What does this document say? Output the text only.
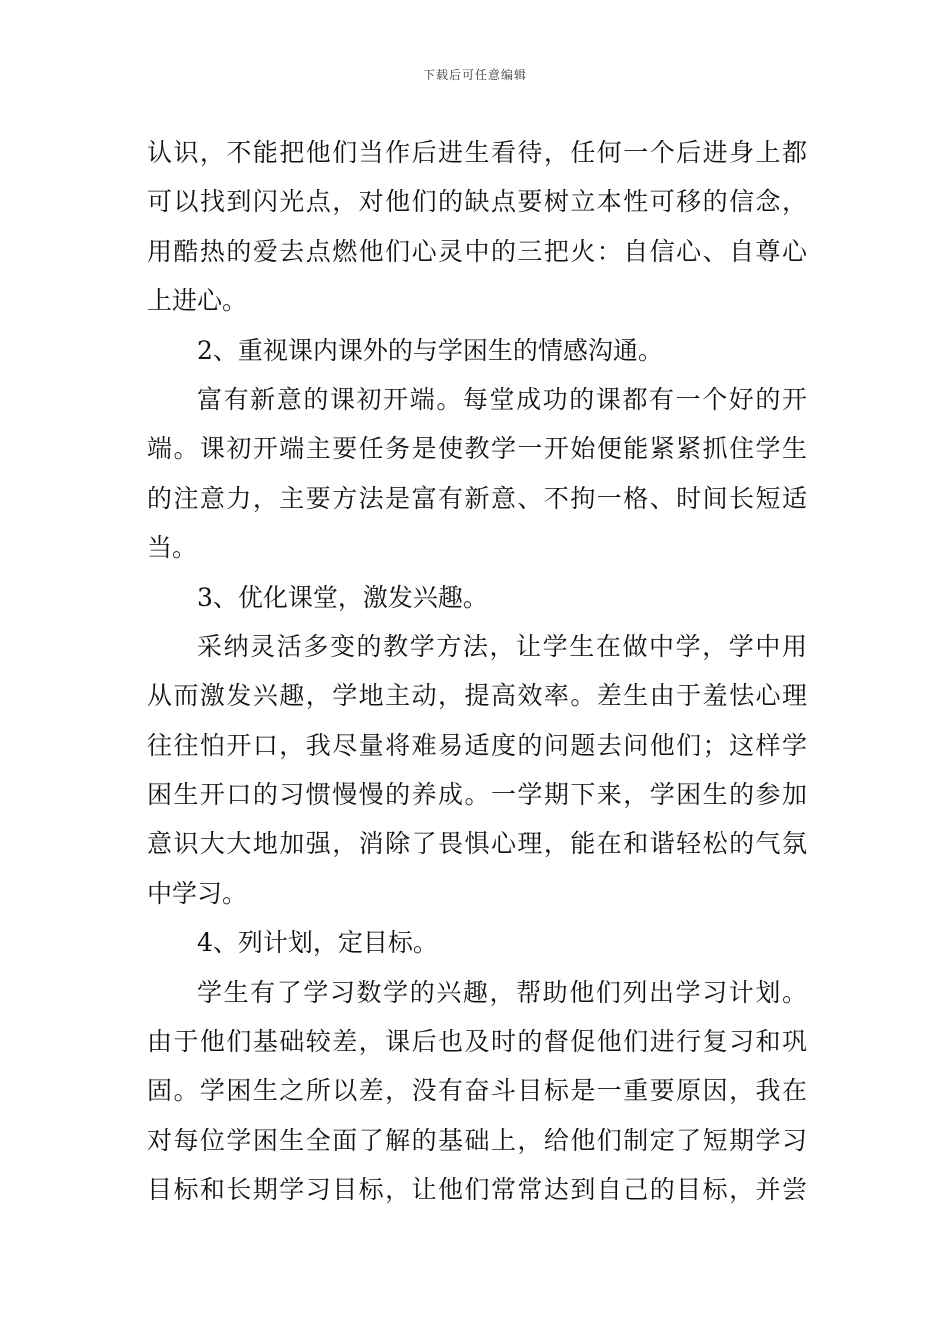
下载后可任意编辑
认识，不能把他们当作后进生看待，任何一个后进身上都
可以找到闪光点，对他们的缺点要树立本性可移的信念，
用酷热的爱去点燃他们心灵中的三把火：自信心、自尊心
上进心。
2、重视课内课外的与学困生的情感沟通。
富有新意的课初开端。每堂成功的课都有一个好的开
端。课初开端主要任务是使教学一开始便能紧紧抓住学生
的注意力，主要方法是富有新意、不拘一格、时间长短适
当。
3、优化课堂，激发兴趣。
采纳灵活多变的教学方法，让学生在做中学，学中用
从而激发兴趣，学地主动，提高效率。差生由于羞怯心理
往往怕开口，我尽量将难易适度的问题去问他们；这样学
困生开口的习惯慢慢的养成。一学期下来，学困生的参加
意识大大地加强，消除了畏惧心理，能在和谐轻松的气氛
中学习。
4、列计划，定目标。
学生有了学习数学的兴趣，帮助他们列出学习计划。
由于他们基础较差，课后也及时的督促他们进行复习和巩
固。学困生之所以差，没有奋斗目标是一重要原因，我在
对每位学困生全面了解的基础上，给他们制定了短期学习
目标和长期学习目标，让他们常常达到自己的目标，并尝
